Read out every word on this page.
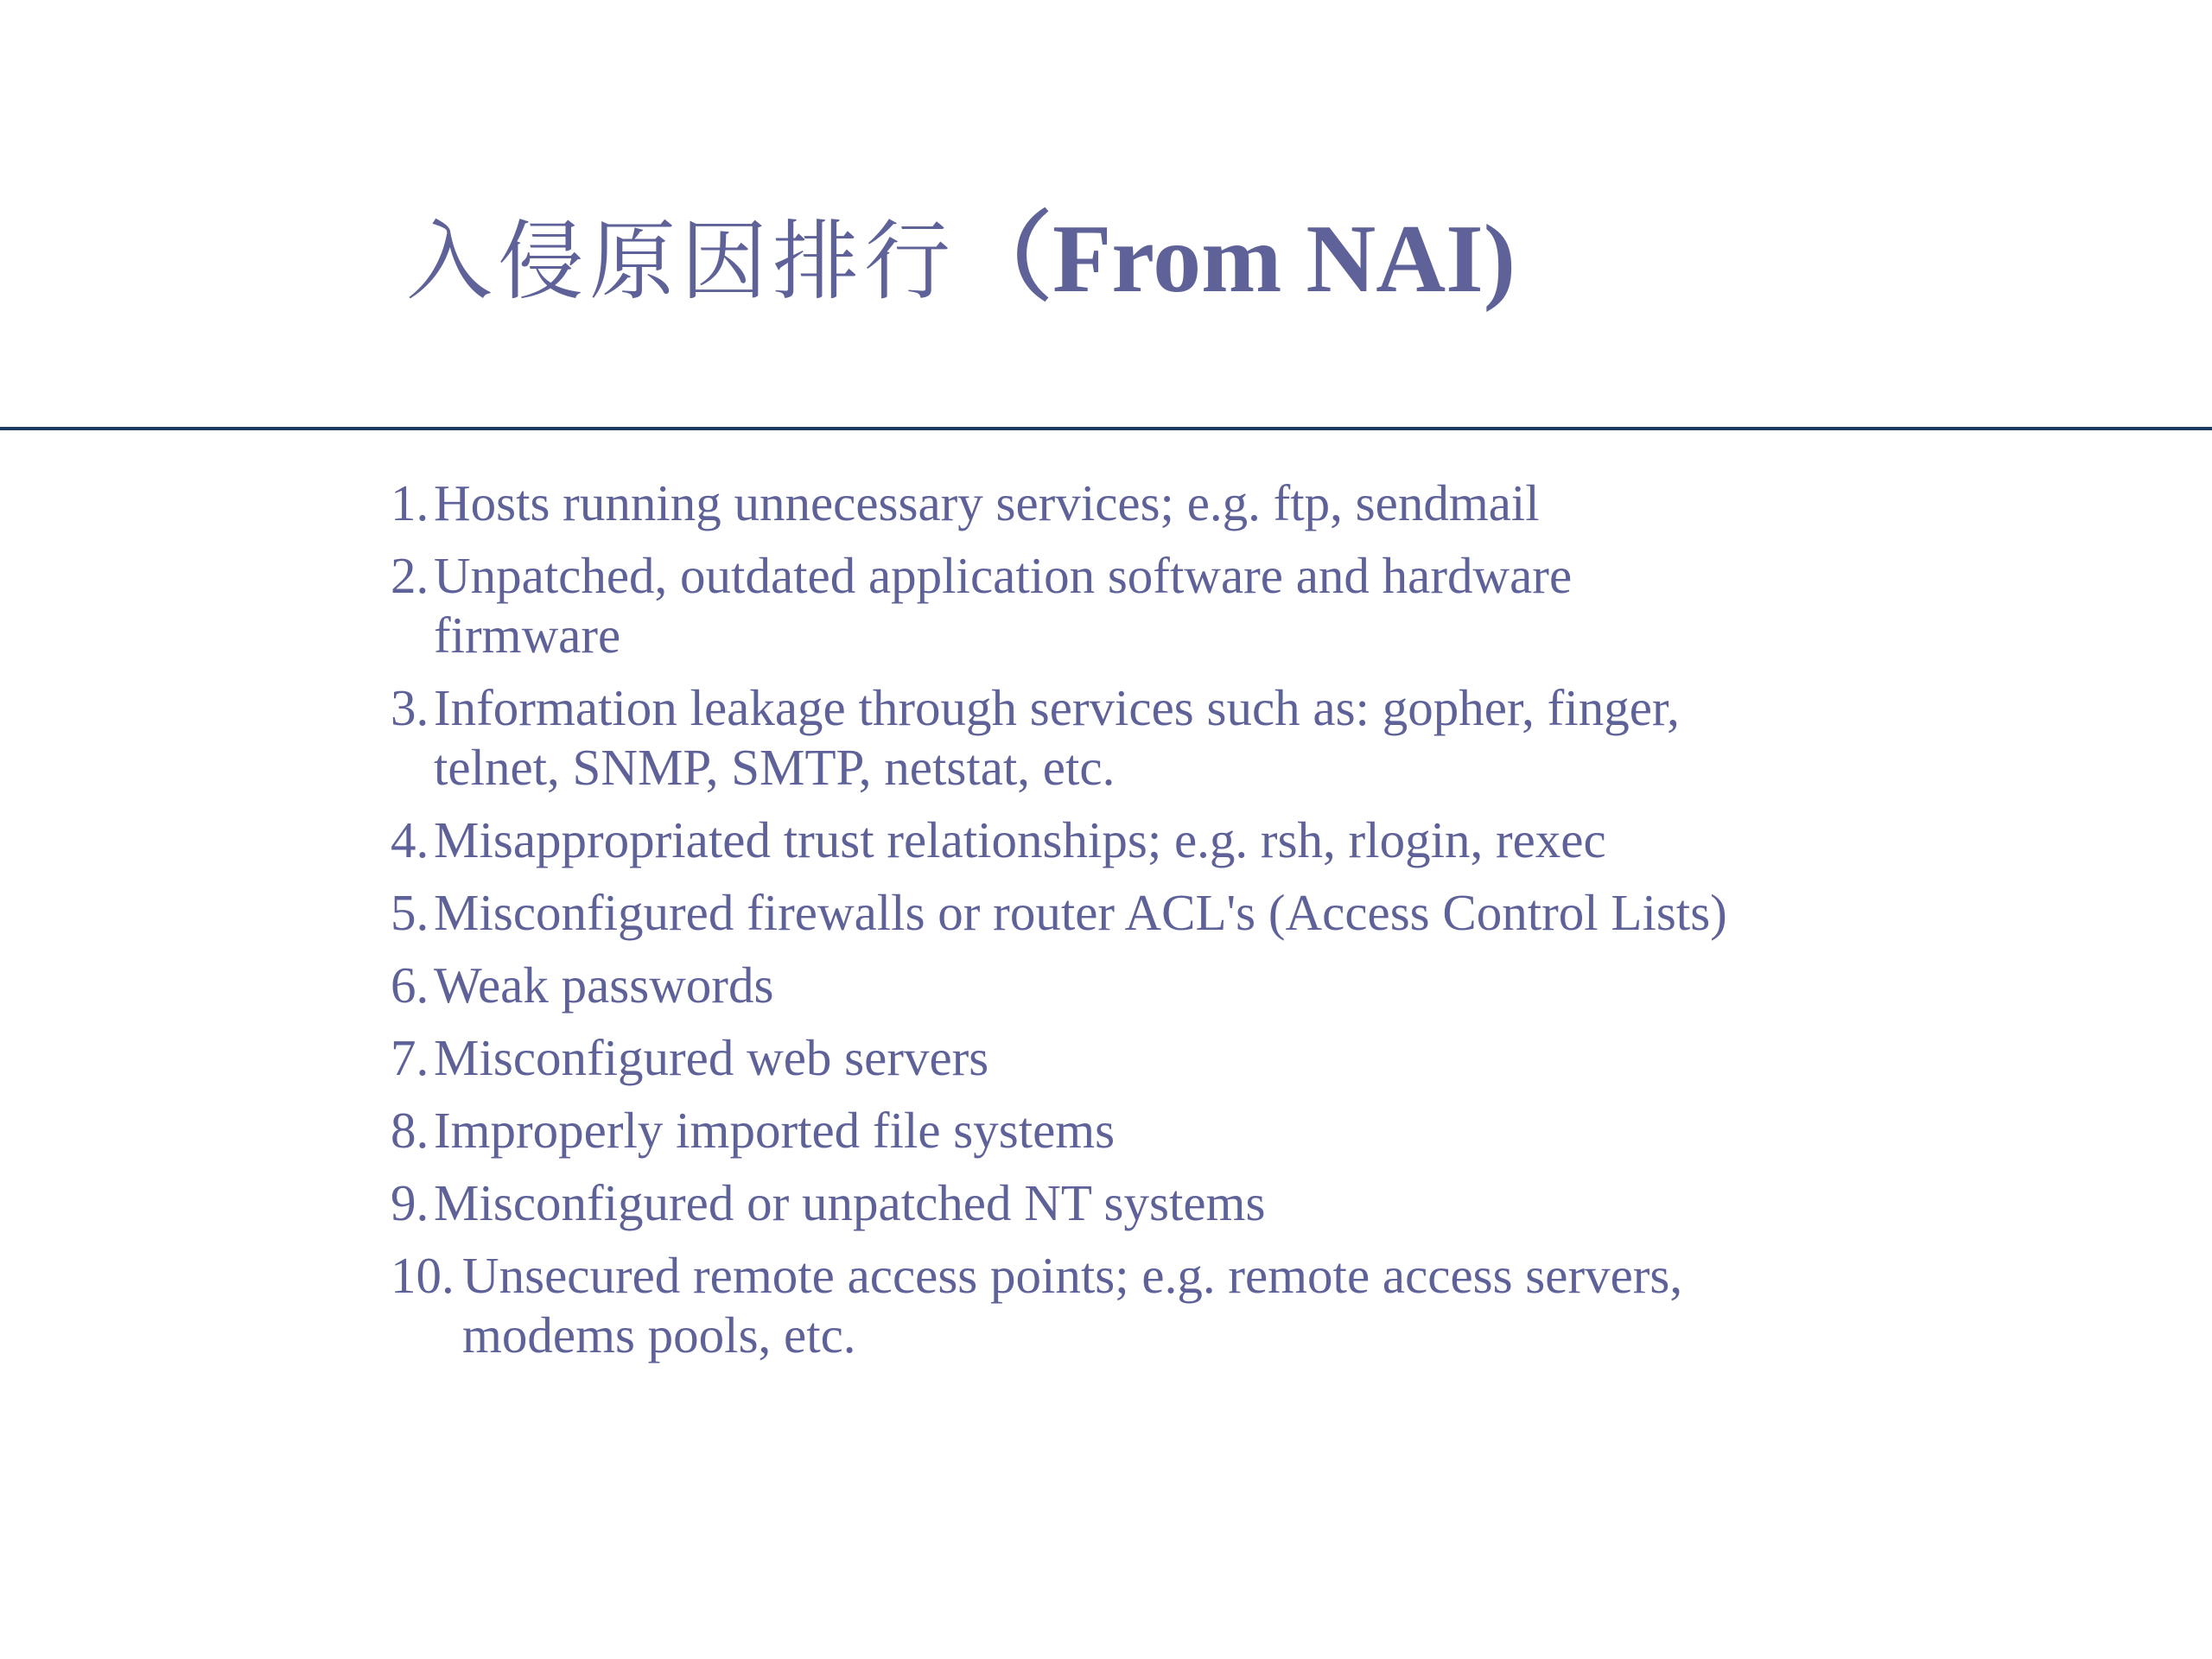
入侵原因排行（From NAI)
1. Hosts running unnecessary services; e.g. ftp, sendmail
2. Unpatched, outdated application software and hardware
firmware
3. Information leakage through services such as: gopher, finger,
telnet, SNMP, SMTP, netstat, etc.
4. Misappropriated trust relationships; e.g. rsh, rlogin, rexec
5. Misconfigured firewalls or router ACL's (Access Control Lists)
6. Weak passwords
7. Misconfigured web servers
8. Improperly imported file systems
9. Misconfigured or unpatched NT systems
10. Unsecured remote access points; e.g. remote access servers,
modems pools, etc.
